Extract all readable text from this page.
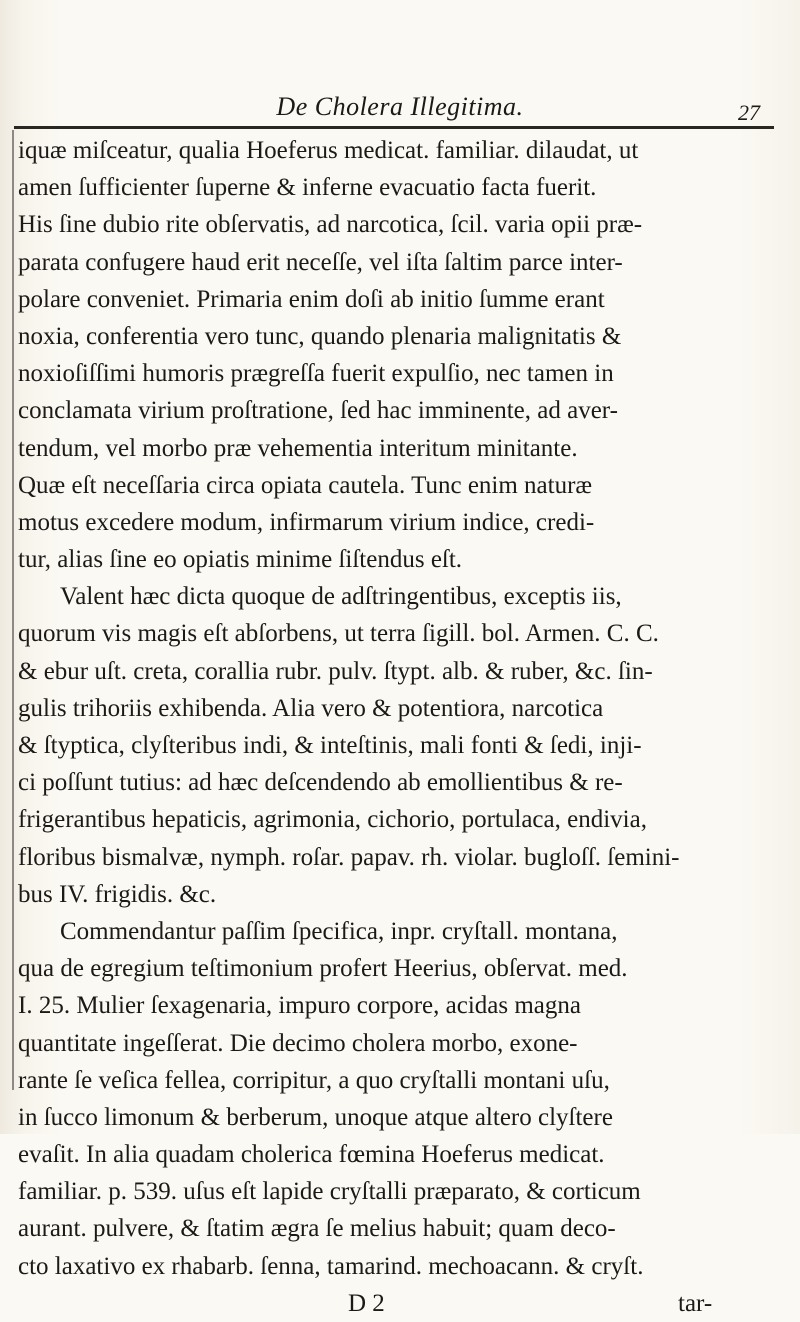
De Cholera Illegitima.	27
iquæ miſceatur, qualia Hoeferus medicat. familiar. dilaudat, ut
amen ſufficienter ſuperne & inferne evacuatio facta fuerit.
His ſine dubio rite obſervatis, ad narcotica, ſcil. varia opii præ-
parata confugere haud erit neceſſe, vel iſta ſaltim parce inter-
polare conveniet. Primaria enim doſi ab initio ſumme erant
noxia, conferentia vero tunc, quando plenaria malignitatis &
noxioſiſſimi humoris prægreſſa fuerit expulſio, nec tamen in
conclamata virium proſtratione, ſed hac imminente, ad aver-
tendum, vel morbo præ vehementia interitum minitante.
Quæ eſt neceſſaria circa opiata cautela. Tunc enim naturæ
motus excedere modum, infirmarum virium indice, credi-
tur, alias ſine eo opiatis minime ſiſtendus eſt.
Valent hæc dicta quoque de adſtringentibus, exceptis iis,
quorum vis magis eſt abſorbens, ut terra ſigill. bol. Armen. C. C.
& ebur uſt. creta, corallia rubr. pulv. ſtypt. alb. & ruber, &c. ſin-
gulis trihoriis exhibenda. Alia vero & potentiora, narcotica
& ſtyptica, clyſteribus indi, & inteſtinis, mali fonti & ſedi, inji-
ci poſſunt tutius: ad hæc deſcendendo ab emollientibus & re-
frigerantibus hepaticis, agrimonia, cichorio, portulaca, endivia,
floribus bismalvæ, nymph. roſar. papav. rh. violar. bugloſſ. ſemini-
bus IV. frigidis. &c.
Commendantur paſſim ſpecifica, inpr. cryſtall. montana,
qua de egregium teſtimonium profert Heerius, obſervat. med.
I. 25. Mulier ſexagenaria, impuro corpore, acidas magna
quantitate ingeſſerat. Die decimo cholera morbo, exone-
rante ſe veſica fellea, corripitur, a quo cryſtalli montani uſu,
in ſucco limonum & berberum, unoque atque altero clyſtere
evaſit. In alia quadam cholerica fœmina Hoeferus medicat.
familiar. p. 539. uſus eſt lapide cryſtalli præparato, & corticum
aurant. pulvere, & ſtatim ægra ſe melius habuit; quam deco-
cto laxativo ex rhabarb. ſenna, tamarind. mechoacann. & cryſt.
D 2	tar-
